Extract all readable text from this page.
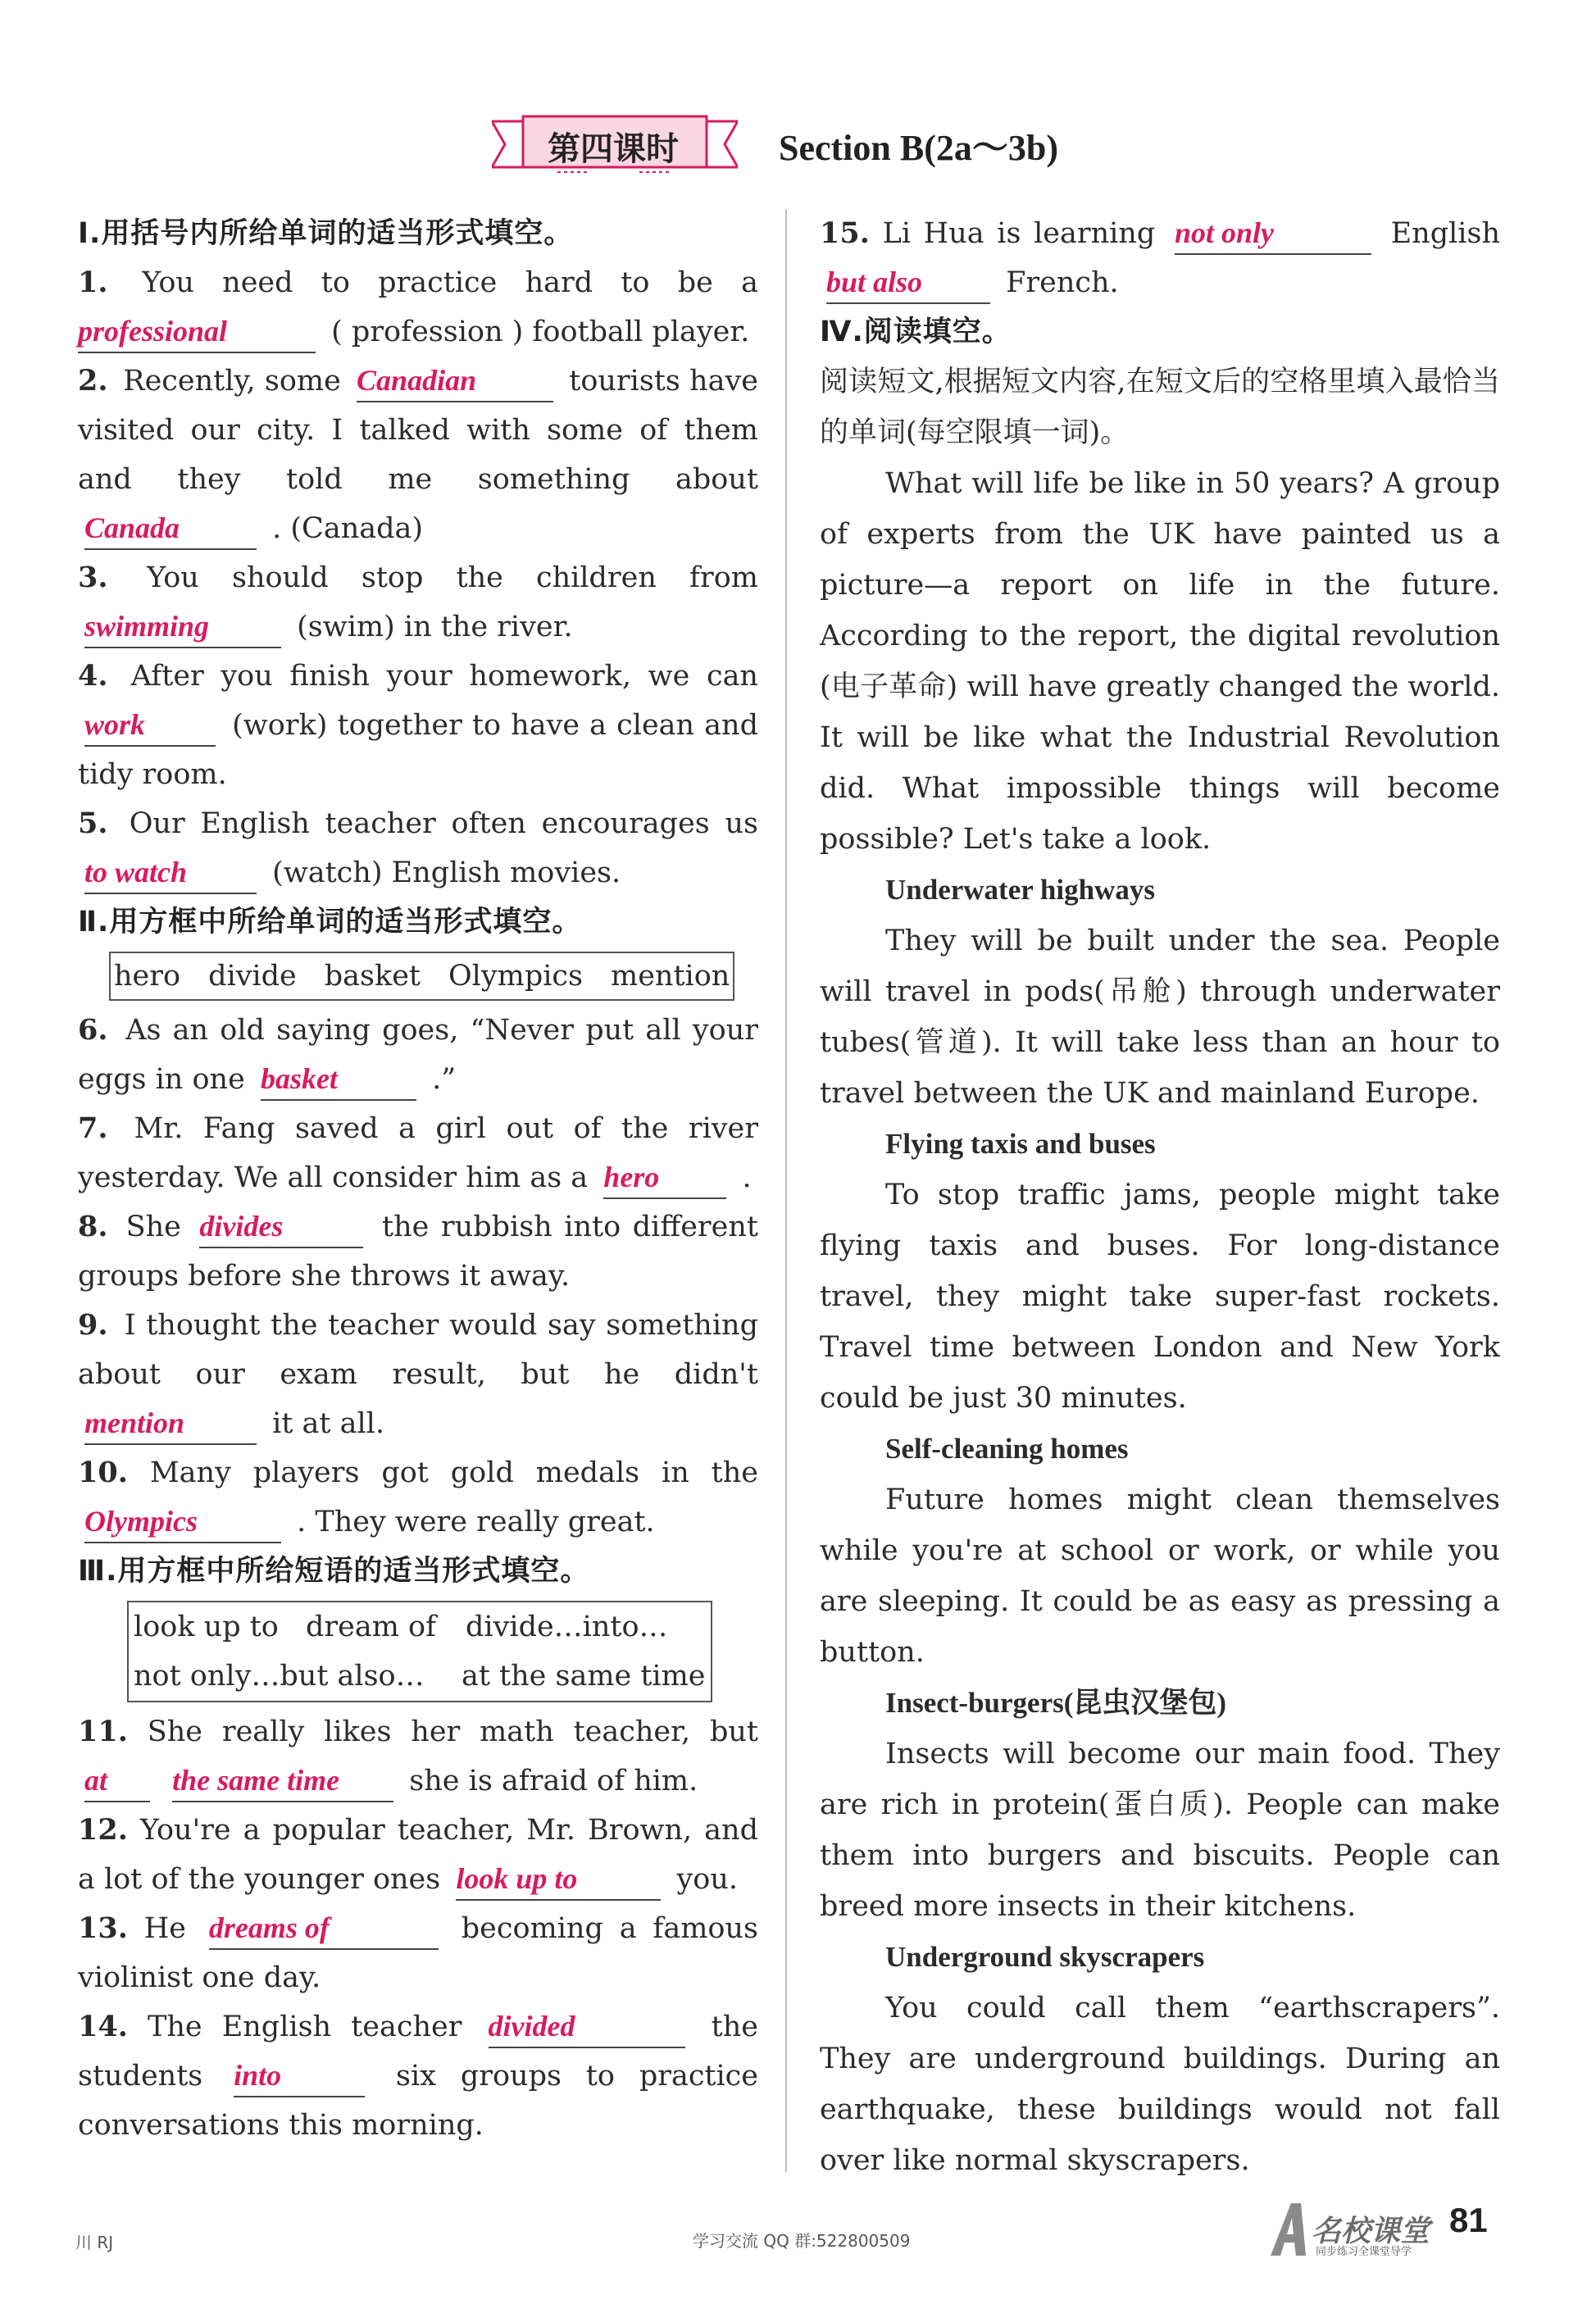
第四课时	Section B(2a～3b)
Ⅰ.用括号内所给单词的适当形式填空。
1. You need to practice hard to be a professional	( profession ) football player.
2. Recently, some Canadian	tourists have visited our city. I talked with some of them and they told me something about Canada	. (Canada)
3. You should stop the children from swimming	(swim) in the river.
4. After you finish your homework, we can work	(work) together to have a clean and tidy room.
5. Our English teacher often encourages us to watch	(watch) English movies.
Ⅱ.用方框中所给单词的适当形式填空。
hero divide basket Olympics mention
6. As an old saying goes, “Never put all your eggs in one basket	.”
7. Mr. Fang saved a girl out of the river yesterday. We all consider him as a hero	.
8. She divides	the rubbish into different groups before she throws it away.
9. I thought the teacher would say something about our exam result, but he didn't mention	it at all.
10. Many players got gold medals in the Olympics	. They were really great.
Ⅲ.用方框中所给短语的适当形式填空。
look up to dream of divide…into…
not only…but also… at the same time
11. She really likes her math teacher, but at the same time she is afraid of him.
12. You're a popular teacher, Mr. Brown, and a lot of the younger ones look up to	you.
13. He dreams of	becoming a famous violinist one day.
14. The English teacher divided	the students into	six groups to practice conversations this morning.
15. Li Hua is learning not only	English but also	French.
Ⅳ.阅读填空。
阅读短文,根据短文内容,在短文后的空格里填入最恰当的单词(每空限填一词)。
What will life be like in 50 years? A group of experts from the UK have painted us a picture—a report on life in the future. According to the report, the digital revolution (电子革命) will have greatly changed the world. It will be like what the Industrial Revolution did. What impossible things will become possible? Let's take a look.
Underwater highways
They will be built under the sea. People will travel in pods(吊舱) through underwater tubes(管道). It will take less than an hour to travel between the UK and mainland Europe.
Flying taxis and buses
To stop traffic jams, people might take flying taxis and buses. For long-distance travel, they might take super-fast rockets. Travel time between London and New York could be just 30 minutes.
Self-cleaning homes
Future homes might clean themselves while you're at school or work, or while you are sleeping. It could be as easy as pressing a button.
Insect-burgers(昆虫汉堡包)
Insects will become our main food. They are rich in protein(蛋白质). People can make them into burgers and biscuits. People can breed more insects in their kitchens.
Underground skyscrapers
You could call them “earthscrapers”. They are underground buildings. During an earthquake, these buildings would not fall over like normal skyscrapers.
川 RJ	学习交流 QQ 群:522800509	名校课堂
同步练习全课堂导学
81
